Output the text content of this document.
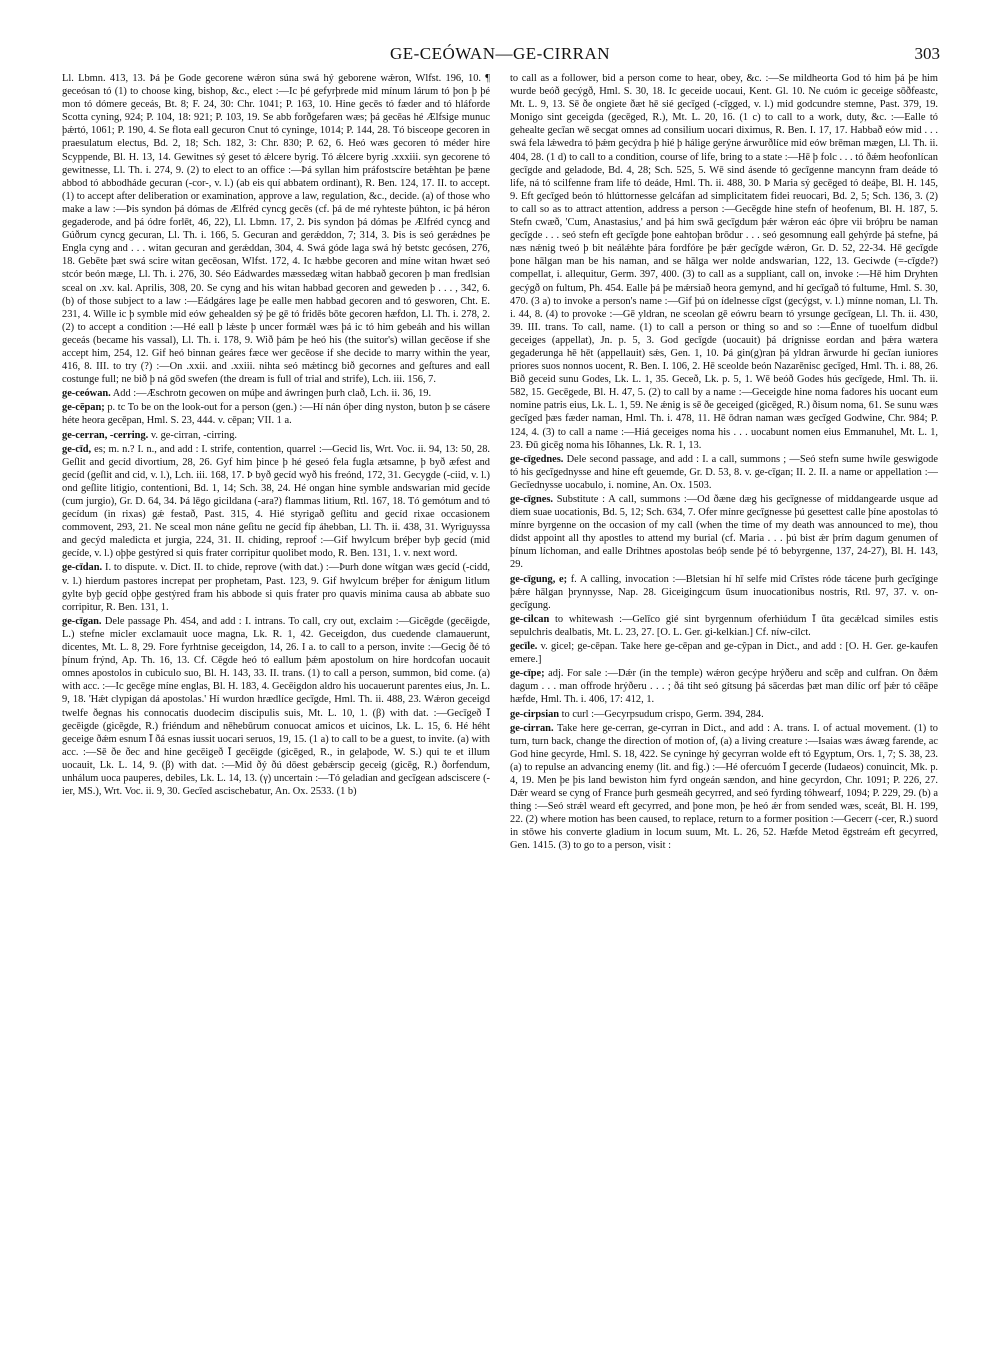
GE-CEÓWAN—GE-CIRRAN	303

Ll. Lbmn. 413, 13. Þá þe Gode gecorene wǽron súna swá hý geborene wǽron, Wlfst. 196, 10. ¶ geceósan tó (1) to choose king, bishop, &c., elect :—Ic þé gefyrþrede mid mínum lárum tó þon þ þé mon tó dómere geceás, Bt. 8; F. 24, 30: Chr. 1041; P. 163, 10. Hine gecēs tó fæder and tó hláforde Scotta cyning, 924; P. 104, 18: 921; P. 103, 19. Se abb forðgefaren wæs; þá gecēas hé Ælfsige munuc þǽrtó, 1061; P. 190, 4. Se flota eall gecuron Cnut tó cyninge, 1014; P. 144, 28. Tó bisceope gecoren in praesulatum electus, Bd. 2, 18; Sch. 182, 3: Chr. 830; P. 62, 6. Heó wæs gecoren tó méder hire Scyppende, Bl. H. 13, 14. Gewitnes sý geset tó ǽlcere byrig. Tó ǽlcere byrig .xxxiii. syn gecorene tó gewitnesse, Ll. Th. i. 274, 9. (2) to elect to an office :—Þá syllan him práfostscíre betǽhtan þe þæne abbod tó abbodháde gecuran (-cor-, v. l.) (ab eis quí abbatem ordinant), R. Ben. 124, 17. II. to accept. (1) to accept after deliberation or examination, approve a law, regulation, &c., decide. (a) of those who make a law :—Þis syndon þá dómas de Ælfréd cyncg gecēs (cf. þá de mé ryhteste þúhton, ic þá héron gegaderode, and þá ódre forlēt, 46, 22), Ll. Lbmn. 17, 2. Þis syndon þá dómas þe Ælfréd cyncg and Gúðrum cyncg gecuran, Ll. Th. i. 166, 5. Gecuran and gerǽddon, 7; 314, 3. Þis is seó gerǽdnes þe Engla cyng and . . . witan gecuran and gerǽddan, 304, 4. Swá góde laga swá hý betstc gecósen, 276, 18. Gebēte þæt swá scire witan gecēosan, Wlfst. 172, 4. Ic hæbbe gecoren and míne witan hwæt seó stcór beón mæge, Ll. Th. i. 276, 30. Séo Eádwardes mæssedæg witan habbað gecoren þ man fredlsian sceal on .xv. kal. Aprilis, 308, 20. Se cyng and his witan habbad gecoren and geweden þ . . . , 342, 6. (b) of those subject to a law :—Eádgáres lage þe ealle men habbad gecoren and tó gesworen, Cht. E. 231, 4. Wille ic þ symble mid eów gehealden sý þe gē tó fridēs bōte gecoren hæfdon, Ll. Th. i. 278, 2. (2) to accept a condition :—Hé eall þ lǽste þ uncer formǽl wæs þá ic tó him gebeáh and his willan geceás (became his vassal), Ll. Th. i. 178, 9. Wið þám þe heó his (the suitor's) willan gecēose if she accept him, 254, 12. Gif heó binnan geáres fæce wer gecēose if she decide to marry within the year, 416, 8. III. to try (?) :—On .xxii. and .xxiii. nihta seó mǽtincg bið gecornes and geſtures and eall costunge full; ne bið þ ná gōd swefen (the dream is full of trial and strife), Lch. iii. 156, 7.

ge-ceówan. Add :—Æschrotn gecowen on múþe and áwringen þurh clað, Lch. ii. 36, 19.

ge-cēpan; p. tc To be on the look-out for a person (gen.) :—Hí nán óþer ding nyston, buton þ se cásere héte heora gecēpan, Hml. S. 23, 444. v. cēpan; VII. 1 a.

ge-cerran, -cerring. v. ge-cirran, -cirring.

ge-cīd, es; m. n.? I. n., and add : I. strife, contention, quarrel :—Gecid lis, Wrt. Voc. ii. 94, 13: 50, 28. Geſlit and gecíd divortium, 28, 26. Gyf him þince þ hé geseó fela fugla ætsamne, þ byð æfest and gecíd (geſlit and cid, v. l.), Lch. iii. 168, 17. Þ byð gecíd wyð his freónd, 172, 31. Gecygde (-ciid, v. l.) ond geſlite litigio, contentioni, Bd. 1, 14; Sch. 38, 24. Hé ongan hine symble andswarian mid gecíde (cum jurgio), Gr. D. 64, 34. Þá lēgo gicildana (-ara?) flammas litium, Rtl. 167, 18. Tó gemótum and tó gecídum (in rixas) gǽ festað, Past. 315, 4. Hié styrigað geſlitu and gecíd rixae occasionem commovent, 293, 21. Ne sceal mon náne geſitu ne gecíd fíp áhebban, Ll. Th. ii. 438, 31. Wyriguyssa and gecýd maledicta et jurgia, 224, 31. II. chiding, reproof :—Gif hwylcum bréþer byþ gecíd (mid gecíde, v. l.) oþþe gestýred si quis frater corripitur quolibet modo, R. Ben. 131, 1. v. next word.

ge-cīdan. I. to dispute. v. Dict. II. to chide, reprove (with dat.) :—Þurh done wítgan wæs gecíd (-cidd, v. l.) hierdum pastores increpat per prophetam, Past. 123, 9. Gif hwylcum bréþer for ǽnigum litlum gylte byþ gecíd oþþe gestýred fram his abbode si quis frater pro quavis minima causa ab abbate suo corripitur, R. Ben. 131, 1.

ge-cīgan. Dele passage Ph. 454, and add : I. intrans. To call, cry out, exclaim :—Gicēgde (gecēigde, L.) stefne micler exclamauit uoce magna, Lk. R. 1, 42. Geceigdon, dus cuedende clamauerunt, dicentes, Mt. L. 8, 29. Fore fyrhtnise geceigdon, 14, 26. I a. to call to a person, invite :—Gecig ðé tó þínum frýnd, Ap. Th. 16, 13. Cf. Cēgde heó tó eallum þǽm apostolum on hire hordcofan uocauit omnes apostolos in cubiculo suo, Bl. H. 143, 33. II. trans. (1) to call a person, summon, bid come. (a) with acc. :—Ic gecēge míne englas, Bl. H. 183, 4. Gecēigdon aldro his uocauerunt parentes eius, Jn. L. 9, 18. 'Hǽt clypigan dá apostolas.' Hí wurdon hrædlíce gecīgde, Hml. Th. ii. 488, 23. Wǽron geceigd twelfe ðegnas his connocatis duodecim discipulis suis, Mt. L. 10, 1. (β) with dat. :—Gecīgeð Ī gecēigde (gicēgde, R.) friéndum and nēhebūrum conuocat amicos et uicinos, Lk. L. 15, 6. Hé héht geceige ðǽm esnum Ī ðá esnas iussit uocari seruos, 19, 15. (1 a) to call to be a guest, to invite. (a) with acc. :—Sē ðe ðec and hine gecēigeð Ī gecēigde (gicēged, R., in gelaþode, W. S.) qui te et illum uocauit, Lk. L. 14, 9. (β) with dat. :—Mid ðý ðú dōest gebǽrscip geceig (gicēg, R.) ðorfendum, unhálum uoca pauperes, debiles, Lk. L. 14, 13. (γ) uncertain :—Tó geladian and gecīgean adsciscere (-ier, MS.), Wrt. Voc. ii. 9, 30. Gecīed ascischebatur, An. Ox. 2533. (1 b)

to call as a follower, bid a person come to hear, obey, &c. :—Se mildheorta God tó him þá þe him wurde beóð gecýgð, Hml. S. 30, 18. Ic geceide uocaui, Kent. Gl. 10. Ne cuóm ic geceige sōðfeastc, Mt. L. 9, 13. Sē ðe ongiete ðæt hē sié gecīged (-cīgged, v. l.) mid godcundre stemne, Past. 379, 19. Monigo sint geceigda (gecēged, R.), Mt. L. 20, 16. (1 c) to call to a work, duty, &c. :—Ealle tó gehealte gecīan wē secgat omnes ad consilium uocari diximus, R. Ben. I. 17, 17. Habbað eów mid . . . swá fela lǽwedra tó þǽm gecýdra þ hié þ hálige gerýne árwurðlíce mid eów brēman mægen, Ll. Th. ii. 404, 28. (1 d) to call to a condition, course of life, bring to a state :—Hē þ folc . . . tó ðǽm heofonlícan gecīgde and geladode, Bd. 4, 28; Sch. 525, 5. Wē sind ásende tó gecīgenne mancynn fram deáde tó life, ná tó scilfenne fram life tó deáde, Hml. Th. ii. 488, 30. Þ Maria sý gecēged tó deáþe, Bl. H. 145, 9. Eft gecīged beón tó hlúttornesse gelcáfan ad simplicitatem fidei reuocari, Bd. 2, 5; Sch. 136, 3. (2) to call so as to attract attention, address a person :—Gecēgde hine stefn of heofenum, Bl. H. 187, 5. Stefn cwæð, 'Cum, Anastasius,' and þá him swā gecīgdum þǽr wǽron eác óþre vii bróþru be naman gecīgde . . . seó stefn eft gecīgde þone eahtoþan brōdur . . . seó gesomnung eall gehýrde þá stefne, þá næs nǽnig tweó þ bit neálǽhte þára fordfóre þe þǽr gecīgde wǽron, Gr. D. 52, 22-34. Hē gecīgde þone hālgan man be his naman, and se hālga wer nolde andswarian, 122, 13. Geciwde (=-cīgde?) compellat, i. allequitur, Germ. 397, 400. (3) to call as a suppliant, call on, invoke :—Hē him Dryhten gecýgð on fultum, Ph. 454. Ealle þá þe mǽrsiað heora gemynd, and hí gecīgað tó fultume, Hml. S. 30, 470. (3 a) to invoke a person's name :—Gif þú on ídelnesse cīgst (gecýgst, v. l.) mínne noman, Ll. Th. i. 44, 8. (4) to provoke :—Gē yldran, ne sceolan gē eówru bearn tó yrsunge gecīgean, Ll. Th. ii. 430, 39. III. trans. To call, name. (1) to call a person or thing so and so :—Ēnne of tuoelfum didbul geceiges (appellat), Jn. p. 5, 3. God gecīgde (uocauit) þá drígnisse eordan and þǽra wætera gegaderunga hē hēt (appellauit) sǽs, Gen. 1, 10. Þá gin(g)ran þá yldran ārwurde hí gecīan iuniores priores suos nonnos uocent, R. Ben. I. 106, 2. Hē sceolde beón Nazarēnisc gecīged, Hml. Th. i. 88, 26. Bið geceid sunu Godes, Lk. L. 1, 35. Geceð, Lk. p. 5, 1. Wē beóð Godes hús gecīgede, Hml. Th. ii. 582, 15. Gecēgede, Bl. H. 47, 5. (2) to call by a name :—Geceigde hine noma fadores his uocant eum nomine patris eius, Lk. L. 1, 59. Ne ǽnig is sē ðe geceiged (gicēged, R.) ðisum noma, 61. Se sunu wæs gecīged þæs fæder naman, Hml. Th. i. 478, 11. Hē ōdran naman wæs gecīged Godwine, Chr. 984; P. 124, 4. (3) to call a name :—Hiá geceiges noma his . . . uocabunt nomen eius Emmanuhel, Mt. L. 1, 23. Ðū gicēg noma his Iōhannes, Lk. R. 1, 13.

ge-cīgednes. Dele second passage, and add : I. a call, summons ; —Seó stefn sume hwíle geswigode tó his gecīgednysse and hine eft geuemde, Gr. D. 53, 8. v. ge-cīgan; II. 2. II. a name or appellation :—Gecīednysse uocabulo, i. nomine, An. Ox. 1503.

ge-cīgnes. Substitute : A call, summons :—Od ðæne dæg his gecīgnesse of middangearde usque ad diem suae uocationis, Bd. 5, 12; Sch. 634, 7. Ofer mínre gecīgnesse þú gesettest calle þíne apostolas tó mínre byrgenne on the occasion of my call (when the time of my death was announced to me), thou didst appoint all thy apostles to attend my burial (cf. Maria . . . þú bist ǽr þrím dagum genumen of þínum líchoman, and ealle Drihtnes apostolas beóþ sende þé tó bebyrgenne, 137, 24-27), Bl. H. 143, 29.

ge-cīgung, e; f. A calling, invocation :—Bletsian hí hī selfe mid Crīstes róde tácene þurh gecīginge þǽre hālgan þrynnysse, Nap. 28. Giceigingcum ūsum inuocationibus nostris, Rtl. 97, 37. v. on-gecīgung.

ge-cilcan to whitewash :—Gelīco gié sint byrgennum oferhiúdum Ī ūta gecǽlcad similes estis sepulchris dealbatis, Mt. L. 23, 27. [O. L. Ger. gi-kelkian.] Cf. níw-cilct.

gecīle. v. gicel; ge-cēpan. Take here ge-cēpan and ge-cŷpan in Dict., and add : [O. H. Ger. ge-kaufen emere.]

ge-cīpe; adj. For sale :—Dǽr (in the temple) wǽron gecýpe hrýðeru and scēp and culfran. On ðǽm dagum . . . man offrode hrýðeru . . . ; ðá tiht seó gítsung þá sācerdas þæt man dilíc orf þǽr tó cēāpe hæfde, Hml. Th. i. 406, 17: 412, 1.

ge-cirpsian to curl :—Gecyrpsudum crispo, Germ. 394, 284.

ge-cirran. Take here ge-cerran, ge-cyrran in Dict., and add : A. trans. I. of actual movement. (1) to turn, turn back, change the direction of motion of, (a) a living creature :—Isaias wæs áwæg farende, ac God hine gecyrde, Hml. S. 18, 422. Se cyninge hý gecyrran wolde eft tó Egyptum, Ors. 1, 7; S. 38, 23. (a) to repulse an advancing enemy (lit. and fig.) :—Hé ofercuóm Ī gecerde (Iudaeos) conuincit, Mk. p. 4, 19. Men þe þis land bewiston him fyrd ongeán sændon, and hine gecyrdon, Chr. 1091; P. 226, 27. Dǽr weard se cyng of France þurh gesmeáh gecyrred, and seó fyrding tóhwearf, 1094; P. 229, 29. (b) a thing :—Seó strǽl weard eft gecyrred, and þone mon, þe heó ǽr from sended wæs, sceát, Bl. H. 199, 22. (2) where motion has been caused, to replace, return to a former position :—Gecerr (-cer, R.) suord in stōwe his converte gladium in locum suum, Mt. L. 26, 52. Hæfde Metod ēgstreám eft gecyrred, Gen. 1415. (3) to go to a person, visit :
